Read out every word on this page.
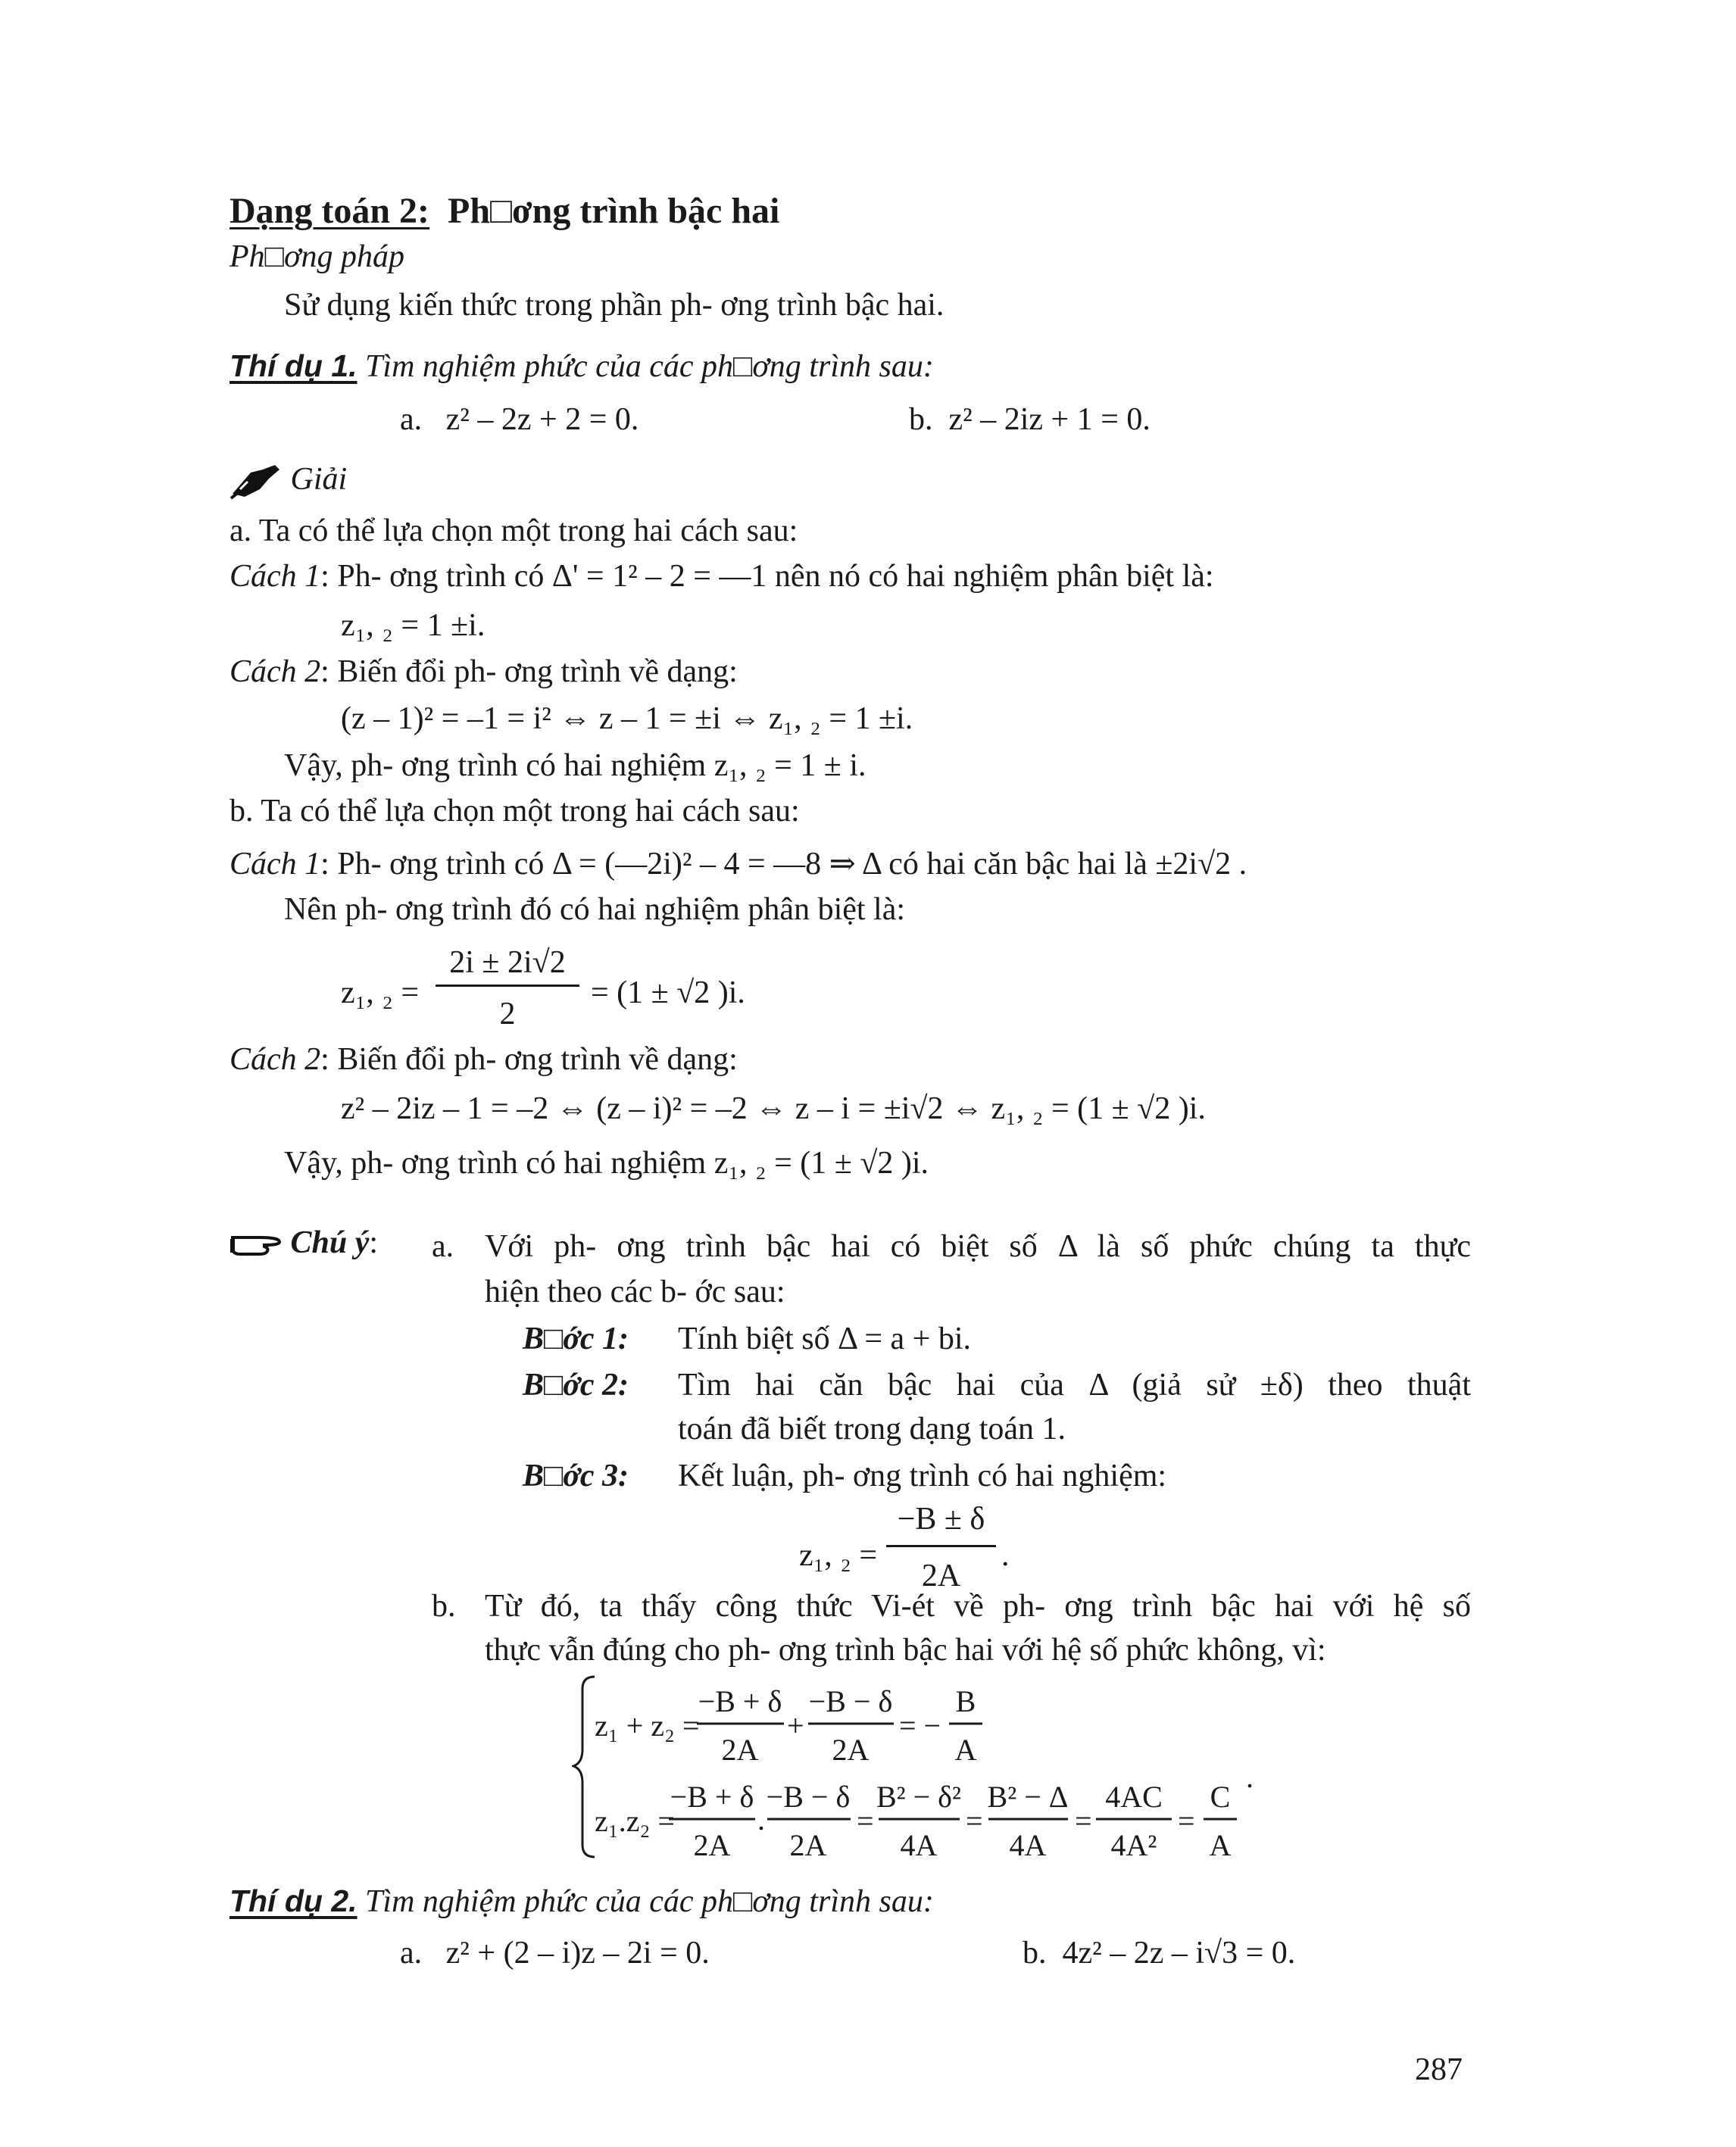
Dạng toán 2: Ph□ơng trình bậc hai
Ph□ơng pháp
Sử dụng kiến thức trong phần ph- ơng trình bậc hai.
Thí dụ 1. Tìm nghiệm phức của các ph□ơng trình sau:
a. z² – 2z + 2 = 0.	b. z² – 2iz + 1 = 0.
Giải
a. Ta có thể lựa chọn một trong hai cách sau:
Cách 1: Ph- ơng trình có Δ' = 1² – 2 = —1 nên nó có hai nghiệm phân biệt là:
z₁, ₂ = 1 ±i.
Cách 2: Biến đổi ph- ơng trình về dạng:
(z – 1)² = –1 = i² ⇔ z – 1 = ±i ⇔ z₁, ₂ = 1 ±i.
Vậy, ph- ơng trình có hai nghiệm z₁, ₂ = 1 ± i.
b. Ta có thể lựa chọn một trong hai cách sau:
Cách 1: Ph- ơng trình có Δ = (—2i)² – 4 = —8 ⇒ Δ có hai căn bậc hai là ±2i√2 .
Nên ph- ơng trình đó có hai nghiệm phân biệt là:
z₁, ₂ =
2i ± 2i√2
2
= (1 ± √2 )i.
Cách 2: Biến đổi ph- ơng trình về dạng:
z² – 2iz – 1 = –2 ⇔ (z – i)² = –2 ⇔ z – i = ±i√2 ⇔ z₁, ₂ = (1 ± √2 )i.
Vậy, ph- ơng trình có hai nghiệm z₁, ₂ = (1 ± √2 )i.
Chú ý: a. Với ph- ơng trình bậc hai có biệt số Δ là số phức chúng ta thực
hiện theo các b- ớc sau:
B□ớc 1: Tính biệt số Δ = a + bi.
B□ớc 2: Tìm hai căn bậc hai của Δ (giả sử ±δ) theo thuật
toán đã biết trong dạng toán 1.
B□ớc 3: Kết luận, ph- ơng trình có hai nghiệm:
z₁, ₂ =
−B ± δ
2A
.
b. Từ đó, ta thấy công thức Vi-ét về ph- ơng trình bậc hai với hệ số
thực vẫn đúng cho ph- ơng trình bậc hai với hệ số phức không, vì:
z₁ + z₂ =
−B + δ
2A
+
−B − δ
2A
= −
B
A
z₁.z₂ =
−B + δ
2A
.
−B − δ
2A
=
B² − δ²
4A
=
B² − Δ
4A
=
4AC
4A²
=
C
A
.
Thí dụ 2. Tìm nghiệm phức của các ph□ơng trình sau:
a. z² + (2 – i)z – 2i = 0.	b. 4z² – 2z – i√3 = 0.
287
